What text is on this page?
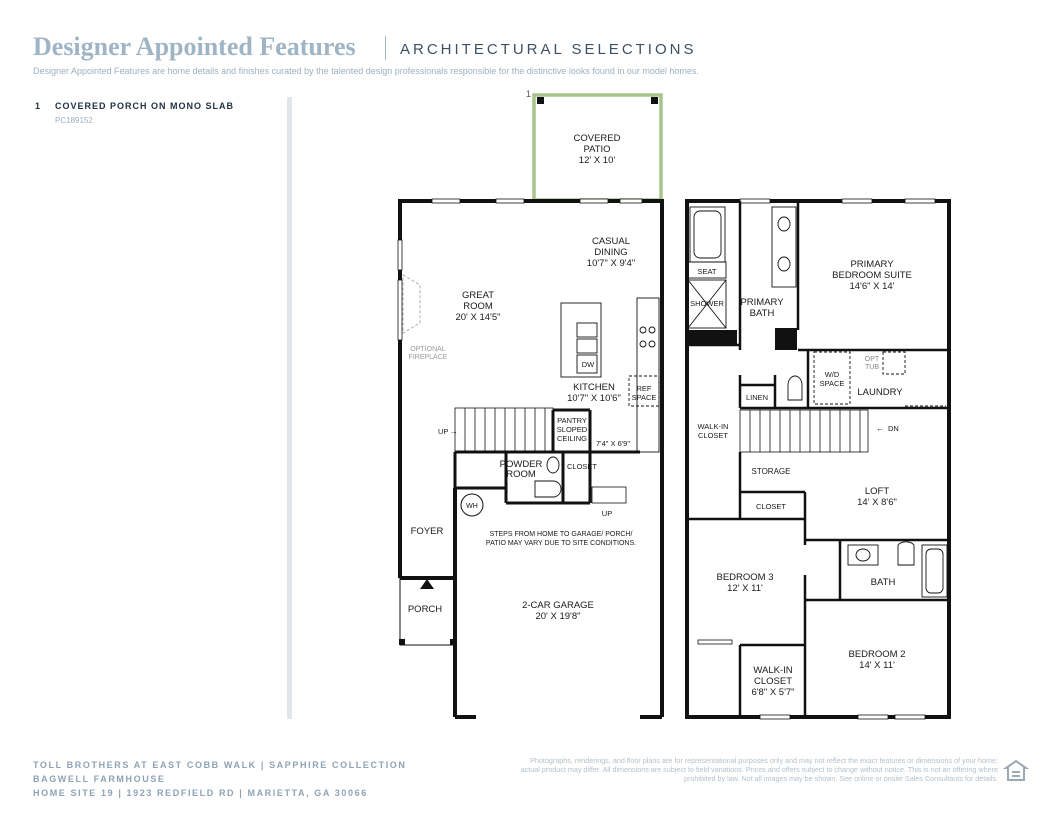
Designer Appointed Features	ARCHITECTURAL SELECTIONS
Designer Appointed Features are home details and finishes curated by the talented design professionals responsible for the distinctive looks found in our model homes.
1 COVERED PORCH ON MONO SLAB
PC189152
1
COVERED
PATIO
12' X 10'
CASUAL
DINING
10'7" X 9'4"
GREAT
ROOM
20' X 14'5"
OPTIONAL
FIREPLACE
KITCHEN
10'7" X 10'6"
DW
REF
SPACE
PANTRY
SLOPED
CEILING
7'4" X 6'9"
POWDER
ROOM
CLOSET
UP
WH
FOYER	STEPS FROM HOME TO GARAGE/ PORCH/
PATIO MAY VARY DUE TO SITE CONDITIONS.
PORCH	2-CAR GARAGE
20' X 19'8"
UP →
SEAT
SHOWER PRIMARY
BATH
PRIMARY
BEDROOM SUITE
14'6" X 14'
OPT
TUB
W/D
SPACE
LAUNDRY
LINEN
WALK-IN
CLOSET
STORAGE
LOFT
14' X 8'6"
CLOSET
BEDROOM 3
12' X 11'
BATH
WALK-IN
CLOSET
6'8" X 5'7"
BEDROOM 2
14' X 11'
← DN
TOLL BROTHERS AT EAST COBB WALK | SAPPHIRE COLLECTION
BAGWELL FARMHOUSE
HOME SITE 19 | 1923 REDFIELD RD | MARIETTA, GA 30066
Photographs, renderings, and floor plans are for representational purposes only and may not reflect the exact features or dimensions of your home; actual product may differ. All dimensions are subject to field variations. Prices and offers subject to change without notice. This is not an offering where prohibited by law. Not all images may be shown. See online or onsite Sales Consultants for details.
